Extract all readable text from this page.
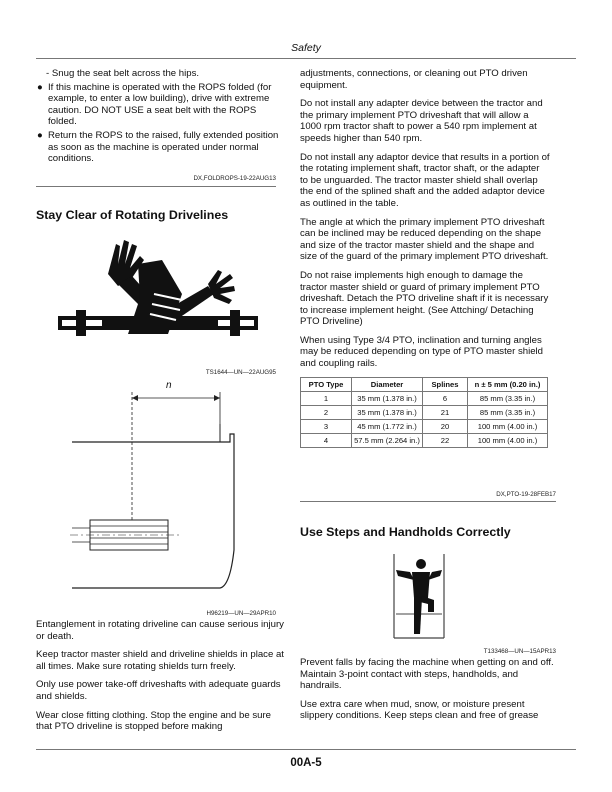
Safety
- Snug the seat belt across the hips.
● If this machine is operated with the ROPS folded (for example, to enter a low building), drive with extreme caution. DO NOT USE a seat belt with the ROPS folded.
● Return the ROPS to the raised, fully extended position as soon as the machine is operated under normal conditions.
DX,FOLDROPS-19-22AUG13
Stay Clear of Rotating Drivelines
TS1644—UN—22AUG95
n
H96219—UN—29APR10

Entanglement in rotating driveline can cause serious injury or death.

Keep tractor master shield and driveline shields in place at all times. Make sure rotating shields turn freely.

Only use power take-off driveshafts with adequate guards and shields.

Wear close fitting clothing. Stop the engine and be sure that PTO driveline is stopped before making

adjustments, connections, or cleaning out PTO driven equipment.

Do not install any adapter device between the tractor and the primary implement PTO driveshaft that will allow a 1000 rpm tractor shaft to power a 540 rpm implement at speeds higher than 540 rpm.

Do not install any adaptor device that results in a portion of the rotating implement shaft, tractor shaft, or the adapter to be unguarded. The tractor master shield shall overlap the end of the splined shaft and the added adaptor device as outlined in the table.

The angle at which the primary implement PTO driveshaft can be inclined may be reduced depending on the shape and size of the tractor master shield and the shape and size of the guard of the primary implement PTO driveshaft.

Do not raise implements high enough to damage the tractor master shield or guard of primary implement PTO driveshaft. Detach the PTO driveline shaft if it is necessary to increase implement height. (See Attching/ Detaching PTO Driveline)

When using Type 3/4 PTO, inclination and turning angles may be reduced depending on type of PTO master shield and coupling rails.

PTO Type	Diameter	Splines	n ± 5 mm (0.20 in.)
1	35 mm (1.378 in.)	6	85 mm (3.35 in.)
2	35 mm (1.378 in.)	21	85 mm (3.35 in.)
3	45 mm (1.772 in.)	20	100 mm (4.00 in.)
4	57.5 mm (2.264 in.)	22	100 mm (4.00 in.)
DX,PTO-19-28FEB17
Use Steps and Handholds Correctly
T133468—UN—15APR13

Prevent falls by facing the machine when getting on and off. Maintain 3-point contact with steps, handholds, and handrails.

Use extra care when mud, snow, or moisture present slippery conditions. Keep steps clean and free of grease

00A-5
